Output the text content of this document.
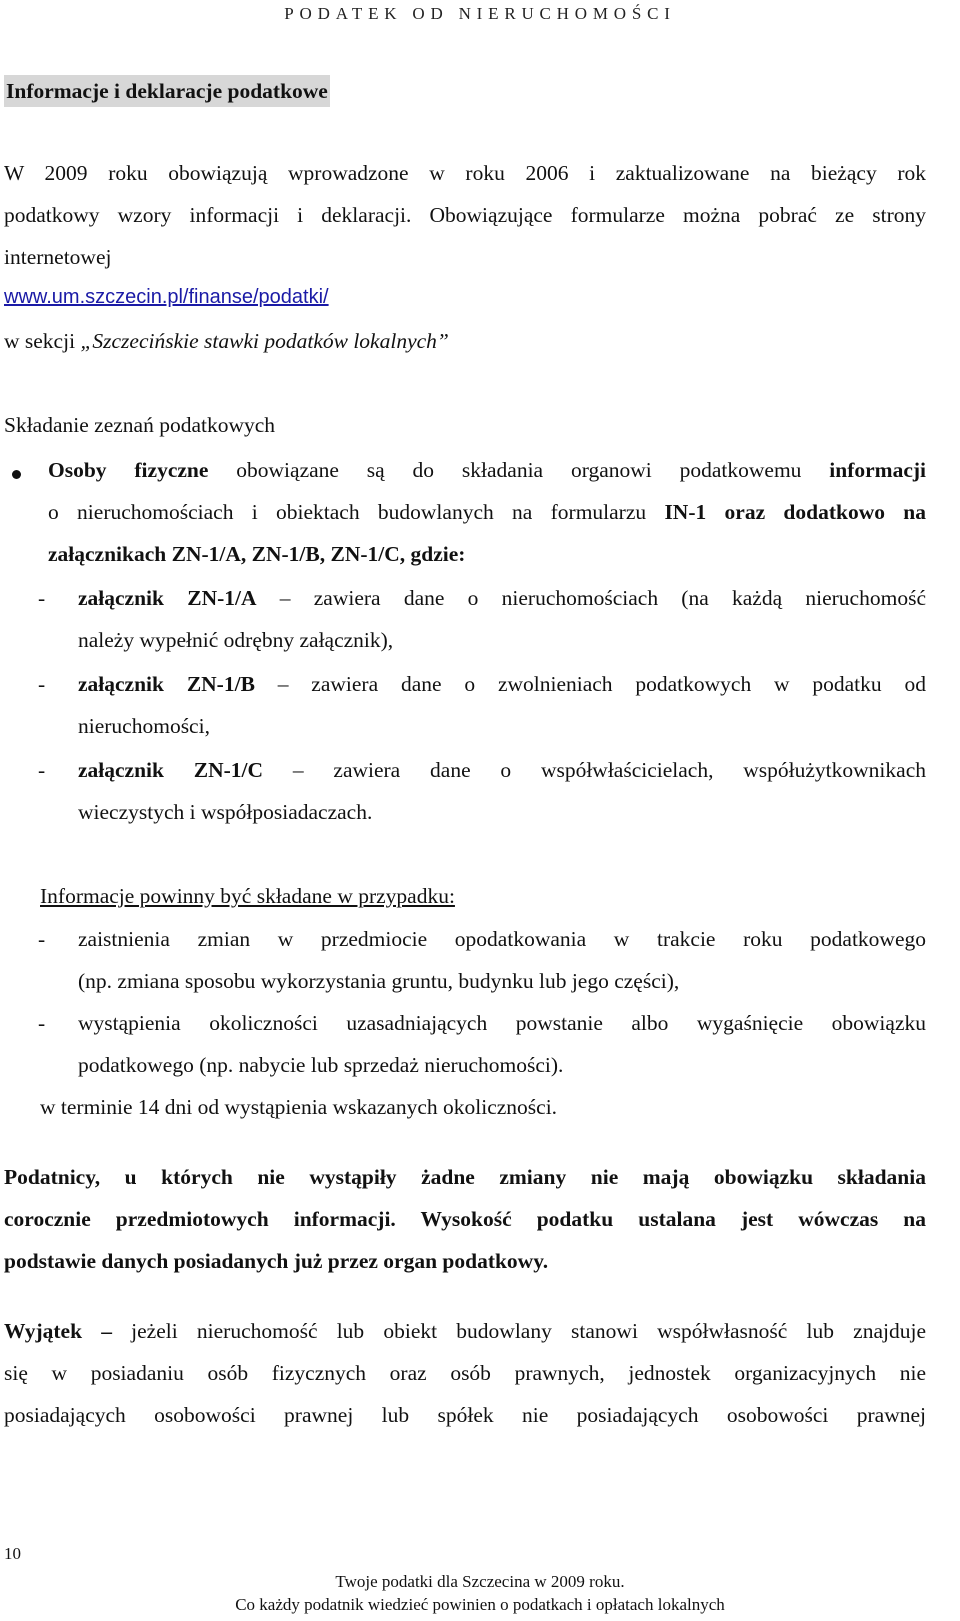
PODATEK OD NIERUCHOMOŚCI
Informacje i deklaracje podatkowe
W 2009 roku obowiązują wprowadzone w roku 2006 i zaktualizowane na bieżący rok
podatkowy wzory informacji i deklaracji. Obowiązujące formularze można pobrać ze strony
internetowej
www.um.szczecin.pl/finanse/podatki/
w sekcji „Szczecińskie stawki podatków lokalnych”
Składanie zeznań podatkowych
Osoby fizyczne obowiązane są do składania organowi podatkowemu informacji
o nieruchomościach i obiektach budowlanych na formularzu IN-1 oraz dodatkowo na
załącznikach ZN-1/A, ZN-1/B, ZN-1/C, gdzie:
- załącznik ZN-1/A – zawiera dane o nieruchomościach (na każdą nieruchomość
należy wypełnić odrębny załącznik),
- załącznik ZN-1/B – zawiera dane o zwolnieniach podatkowych w podatku od
nieruchomości,
- załącznik ZN-1/C – zawiera dane o współwłaścicielach, współużytkownikach
wieczystych i współposiadaczach.
Informacje powinny być składane w przypadku:
- zaistnienia zmian w przedmiocie opodatkowania w trakcie roku podatkowego
(np. zmiana sposobu wykorzystania gruntu, budynku lub jego części),
- wystąpienia okoliczności uzasadniających powstanie albo wygaśnięcie obowiązku
podatkowego (np. nabycie lub sprzedaż nieruchomości).
w terminie 14 dni od wystąpienia wskazanych okoliczności.
Podatnicy, u których nie wystąpiły żadne zmiany nie mają obowiązku składania
corocznie przedmiotowych informacji. Wysokość podatku ustalana jest wówczas na
podstawie danych posiadanych już przez organ podatkowy.
Wyjątek – jeżeli nieruchomość lub obiekt budowlany stanowi współwłasność lub znajduje
się w posiadaniu osób fizycznych oraz osób prawnych, jednostek organizacyjnych nie
posiadających osobowości prawnej lub spółek nie posiadających osobowości prawnej
10
Twoje podatki dla Szczecina w 2009 roku.
Co każdy podatnik wiedzieć powinien o podatkach i opłatach lokalnych
